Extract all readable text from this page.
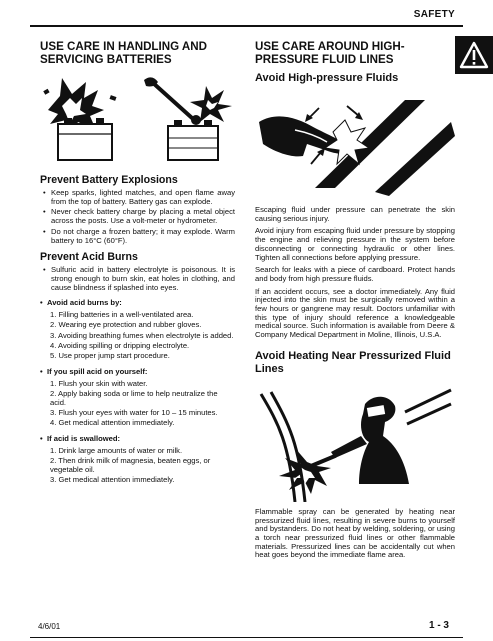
SAFETY
USE CARE IN HANDLING AND SERVICING BATTERIES
Prevent Battery Explosions
• Keep sparks, lighted matches, and open flame away from the top of battery. Battery gas can explode.
• Never check battery charge by placing a metal object across the posts. Use a volt-meter or hydrometer.
• Do not charge a frozen battery; it may explode. Warm battery to 16°C (60°F).
Prevent Acid Burns
• Sulfuric acid in battery electrolyte is poisonous. It is strong enough to burn skin, eat holes in clothing, and cause blindness if splashed into eyes.
• Avoid acid burns by:
1. Filling batteries in a well-ventilated area.
2. Wearing eye protection and rubber gloves.
3. Avoiding breathing fumes when electrolyte is added.
4. Avoiding spilling or dripping electrolyte.
5. Use proper jump start procedure.
• If you spill acid on yourself:
1. Flush your skin with water.
2. Apply baking soda or lime to help neutralize the acid.
3. Flush your eyes with water for 10 – 15 minutes.
4. Get medical attention immediately.
• If acid is swallowed:
1. Drink large amounts of water or milk.
2. Then drink milk of magnesia, beaten eggs, or vegetable oil.
3. Get medical attention immediately.
USE CARE AROUND HIGH-PRESSURE FLUID LINES
Avoid High-pressure Fluids

Escaping fluid under pressure can penetrate the skin causing serious injury.

Avoid injury from escaping fluid under pressure by stopping the engine and relieving pressure in the system before disconnecting or connecting hydraulic or other lines. Tighten all connections before applying pressure.

Search for leaks with a piece of cardboard. Protect hands and body from high pressure fluids.

If an accident occurs, see a doctor immediately. Any fluid injected into the skin must be surgically removed within a few hours or gangrene may result. Doctors unfamiliar with this type of injury should reference a knowledgeable medical source. Such information is available from Deere & Company Medical Department in Moline, Illinois, U.S.A.

Avoid Heating Near Pressurized Fluid Lines

Flammable spray can be generated by heating near pressurized fluid lines, resulting in severe burns to yourself and bystanders. Do not heat by welding, soldering, or using a torch near pressurized fluid lines or other flammable materials. Pressurized lines can be accidentally cut when heat goes beyond the immediate flame area.

4/6/01	1 - 3
